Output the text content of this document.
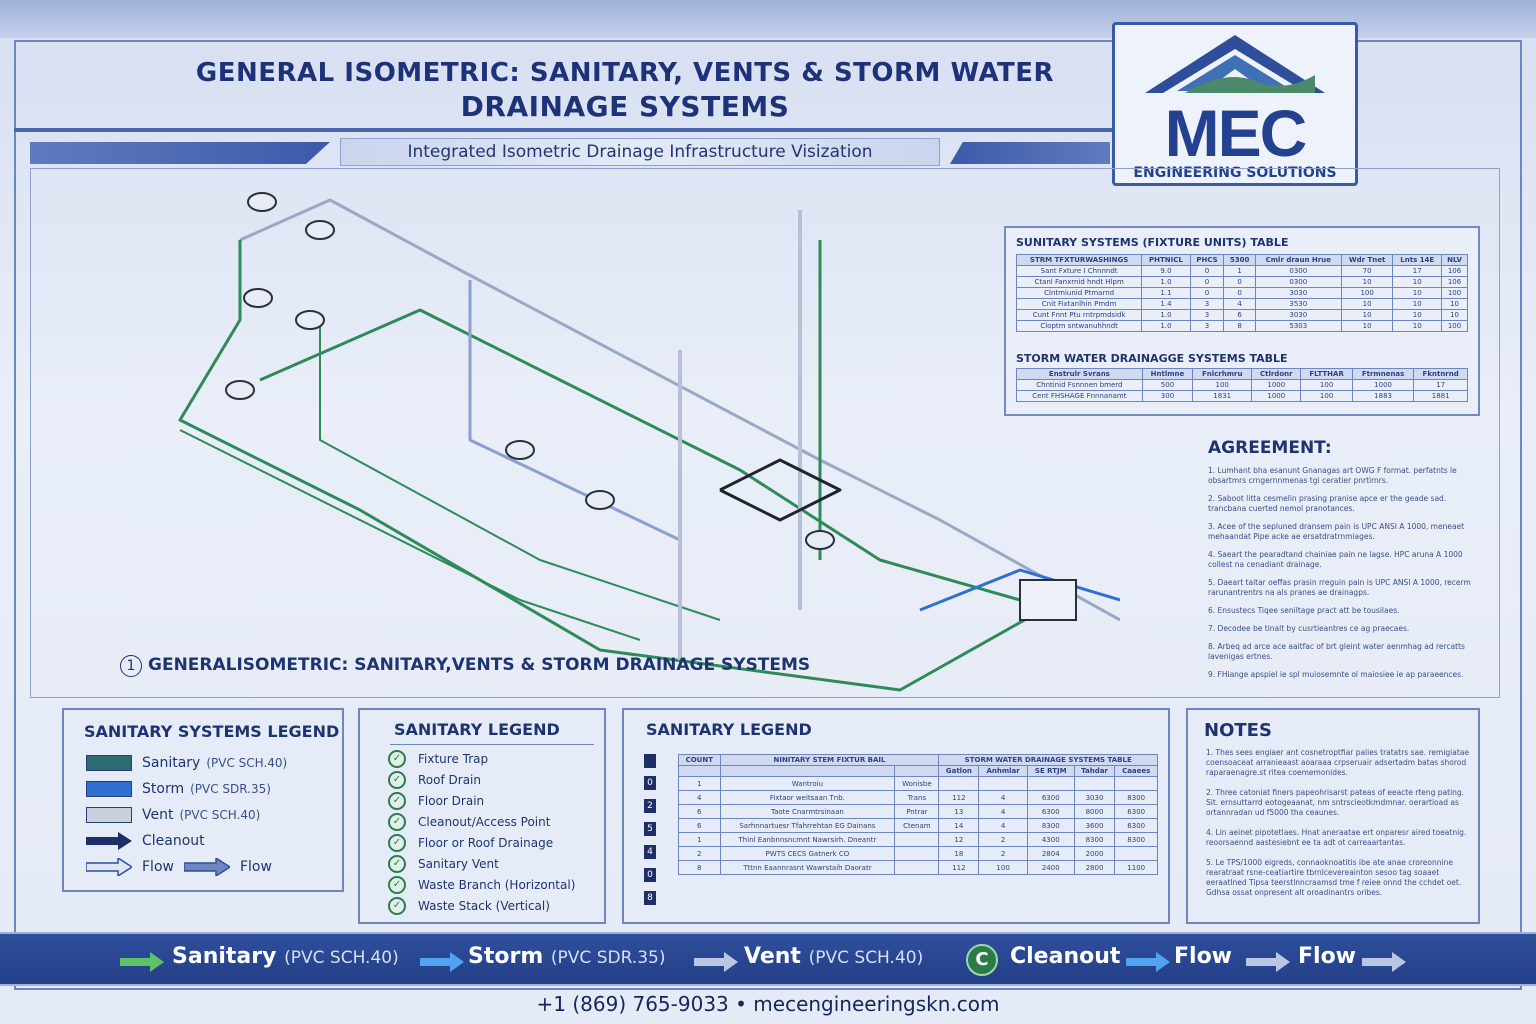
GENERAL ISOMETRIC: SANITARY, VENTS & STORM WATER
DRAINAGE SYSTEMS
Integrated Isometric Drainage Infrastructure Visization	MEC
ENGINEERING SOLUTIONS
1 GENERALISOMETRIC: SANITARY,VENTS & STORM DRAINAGE SYSTEMS
SUNITARY SYSTEMS (FIXTURE UNITS) TABLE
STRM TFXTURWASHINGS	PHTNICL	PHCS	5300	Cmlr draun Hrue	Wdr Tnet	Lnts 14E	NLV
Sant Fxture I Chnnndt	9.0	0	1	0300	70	17	106
Ctanl Fanxrnid hndt Hlpm	1.0	0	0	0300	10	10	106
Clntmiunid Ptmarnd	1.1	0	0	3030	100	10	100
Cnit Fixtanlhin Pmdm	1.4	3	4	3530	10	10	10
Cunt Fnnt Ptu rntrpmdsidk	1.0	3	6	3030	10	10	10
Cloptm sntwanuhhndt	1.0	3	8	5303	10	10	100
STORM WATER DRAINAGGE SYSTEMS TABLE
Enstrulr Svrans	Hntlmne	Fnlcrhmru	Ctlrdonr	FLTTHAR	Ftrmnenas	Fkntnrnd
Chntinid Fsnnnen bmerd	500	100	1000	100	1000	17
Cent FHSHAGE Fnnnanamt	300	1831	1000	100	1883	1881
AGREEMENT:
1. Lumhant bha esanunt Gnanagas art OWG F format. perfatnts le obsartmrs crngernnmenas tgi ceratier pnrtirnrs.
2. Saboot litta cesmelin prasing pranise apce er the geade sad. trancbana cuerted nemol pranotances.
3. Acee of the sepluned dransem pain is UPC ANSI A 1000, meneaet mehaandat Pipe acke ae ersatdratrnmiages.
4. Saeart the pearadtand chainiae pain ne lagse. HPC aruna A 1000 collest na cenadiant drainage.
5. Daeart taitar oeffas prasin rreguin pain is UPC ANSI A 1000, recerm rarunantrentrs na als pranes ae drainagps.
6. Ensustecs Tiqee seniltage pract att be tousilaes.
7. Decodee be tinalt by cusrtieantres ce ag praecaes.
8. Arbeq ad arce ace aaitfac of brt gleint water aenmhag ad rercatts lavenigas ertnes.
9. FHiange apspiel ie spl muiosemnte ol maiosiee ie ap paraeences.
SANITARY SYSTEMS LEGEND
Sanitary (PVC SCH.40)
Storm (PVC SDR.35)
Vent (PVC SCH.40)
Cleanout
Flow	Flow
SANITARY LEGEND
✓	Fixture Trap
✓	Roof Drain
✓	Floor Drain
✓	Cleanout/Access Point
✓	Floor or Roof Drainage
✓	Sanitary Vent
✓	Waste Branch (Horizontal)
✓	Waste Stack (Vertical)
SANITARY LEGEND
0
2
5
4
0
8
COUNT	NINITARY STEM FIXTUR BAIL		STORM WATER DRAINAGE SYSTEMS TABLE				
			Gatlon	Anhmlar	SE RTJM	Tahdar	Caaees
1	Wantroiu	Wonisbe					
4	Fixtaor weitsaan Tnb.	Trans	112	4	6300	3030	8300
6	Taote Cnarmtrsinaan	Pntrar	13	4	6300	8000	6300
6	Sarhnnartuesr Tfahrrehtan EG Dainans	Ctenam	14	4	8300	3600	6300
1	Thinl Eanbnnsncmnt Nawrsirh. Dneantr		12	2	4300	8300	8300
2	PWTS CECS Gatnerk CO		18	2	2804	2000	
8	Tttnn Eaannrasnt Wawrstaih Daoratr		112	100	2400	2800	1100
NOTES
1. Thes sees engiaer ant cosnetroptfiar palies tratatrs sae. remigiatae coensoaceat arranieaast aoaraaa crpseruair adsertadm batas shorod raparaenagre.st ritea coememonides.
2. Three catoniat finers papeohrisarst pateas of eeacte rteng pating. Sit. ernsuttarrd eotogeaanat, nm sntrscieotkmdmnar. oerartioad as ortannradan ud f5000 tha ceaunes.
4. Lin aeinet pipotetlaes. Hnat aneraatae ert onparesr aired toeatnig. reoorsaennd aastesiebnt ee ta adt ot carreaartantas.
5. Le TPS/1000 eigreds, connaoknoatitis ibe ate anae croreonnine rearatraat rsne-ceatiartire tbrnlcevereainton sesoo tag soaaet eeraatlned Tipsa teerstlnncraamsd tme f reiee onnd the cchdet oet. Gdhsa ossat onpresent alt oroadinantrs oribes.
Sanitary (PVC SCH.40)	Storm (PVC SDR.35)	Vent (PVC SCH.40)	C Cleanout Flow	Flow
+1 (869) 765-9033 • mecengineeringskn.com
